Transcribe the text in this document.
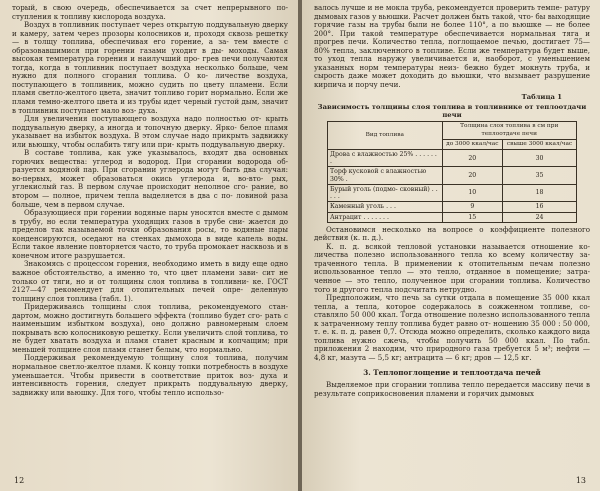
торый, в свою очередь, обеспечивается за счет непрерывного по- ступления к топливу кислорода воздуха.

Воздух в топливник поступает через открытую поддувальную дверку и камеру, затем через прозоры колосников и, проходя сквозь решетку — в толщу топлива, обеспечивая его горение, а за- тем вместе с образовавшимися при горении газами уходит в ды- моходы. Самая высокая температура горения и наилучший про- грев печи получаются тогда, когда в топливник поступает воздуха несколько больше, чем нужно для полного сгорания топлива. О ко- личестве воздуха, поступающего в топливник, можно судить по цвету пламени. Если пламя светло-желтого цвета, значит топливо горит нормально. Если же пламя темно-желтого цвета и из трубы идет черный густой дым, значит в топливник поступает мало воз- духа.

Для увеличения поступающего воздуха надо полностью от- крыть поддувальную дверку, а иногда и топочную дверку. Ярко- белое пламя указывает на избыток воздуха. В этом случае надо прикрыть задвижку или вьюшку, чтобы ослабить тягу или при- крыть поддувальную дверку.

В составе топлива, как уже указывалось, входят два основных горючих вещества: углерод и водород. При сгорании водорода об- разуется водяной пар. При сгорании углерода могут быть два случая: во-первых, может образоваться окись углерода и, во-вто- рых, углекислый газ. В первом случае происходит неполное сго- рание, во втором — полное, причем тепла выделяется в два с по- ловиной раза больше, чем в первом случае.

Образующиеся при горении водяные пары уносятся вместе с дымом в трубу, но если температура уходящих газов в трубе сни- жается до пределов так называемой точки образования росы, то водяные пары конденсируются, оседают на стенках дымохода в виде капель воды. Если такое явление повторяется часто, то труба промокает насквозь и в конечном итоге разрушается.

Знакомясь с процессом горения, необходимо иметь в виду еще одно важное обстоятельство, а именно то, что цвет пламени зави- сит не только от тяги, но и от толщины слоя топлива в топливни- ке. ГОСТ 2127—47 рекомендует для отопительных печей опре- деленную толщину слоя топлива (табл. 1).

Придерживаясь толщины слоя топлива, рекомендуемого стан- дартом, можно достигнуть большего эффекта (топливо будет сго- рать с наименьшим избытком воздуха), оно должно равномерным слоем покрывать всю колосниковую решетку. Если увеличить слой топлива, то не будет хватать воздуха и пламя станет красным и копчащим; при меньшей толщине слоя пламя станет белым, что нормально.

Поддерживая рекомендуемую толщину слоя топлива, получим нормальное светло-желтое пламя. К концу топки потребность в воздухе уменьшается. Чтобы привести в соответствие приток воз- духа и интенсивность горения, следует прикрыть поддувальную дверку, задвижку или вьюшку. Для того, чтобы тепло использо-

12

валось лучше и не мокла труба, рекомендуется проверить темпе- ратуру дымовых газов у вьюшки. Расчет должен быть такой, что- бы выходящие горячие газы на трубы были не более 110°, а по вьюшке — не более 200°. При такой температуре обеспечивается нормальная тяга и прогрев печи. Количество тепла, поглощаемое печью, достигает 75—80% тепла, заключенного в топливе. Если же температура будет выше, то уход тепла наружу увеличивается и, наоборот, с уменьшением указанных норм температуры неиз- бежно будет мокнуть труба, и сырость даже может доходить до вьюшки, что вызывает разрушение кирпича и порчу печи.

Таблица 1
Зависимость толщины слоя топлива в топливнике от теплоотдачи печи
Вид топлива	Толщина слоя топлива в см при теплоотдаче печи	
	до 3000 ккал/час	свыше 3000 ккал/час
Дрова с влажностью 25% . . . . . . .	20	30
Торф кусковой с влажностью 30% .	20	35
Бурый уголь (подмо- сковный) . . . . .	10	18
Каменный уголь . . .	9	16
Антрацит . . . . . . .	15	24

Остановимся несколько на вопросе о коэффициенте полезного действия (к. п. д.).

К. п. д. всякой тепловой установки называется отношение ко- личества полезно использованного тепла ко всему количеству за- траченного тепла. В применении к отопительным печам полезно использованное тепло — это тепло, отданное в помещение; затра- ченное — это тепло, полученное при сгорании топлива. Количество того и другого тепла подсчитать нетрудно.

Предположим, что печь за сутки отдала в помещение 35 000 ккал тепла, а тепла, которое содержалось в сожженном топливе, со- ставляло 50 000 ккал. Тогда отношение полезно использованного тепла к затраченному теплу топлива будет равно от- ношению 35 000 : 50 000, т. е. к. п. д. равен 0,7. Отсюда можно определить, сколько каждого вида топлива нужно сжечь, чтобы получить 50 000 ккал. По табл. приложения 2 находим, что природного газа требуется 5 м³; нефти — 4,8 кг, мазута — 5,5 кг; антрацита — 6 кг; дров — 12,5 кг.

3. Теплопоглощение и теплоотдача печей

Выделяемое при сгорании топлива тепло передается массиву печи в результате соприкосновения пламени и горячих дымовых

13
